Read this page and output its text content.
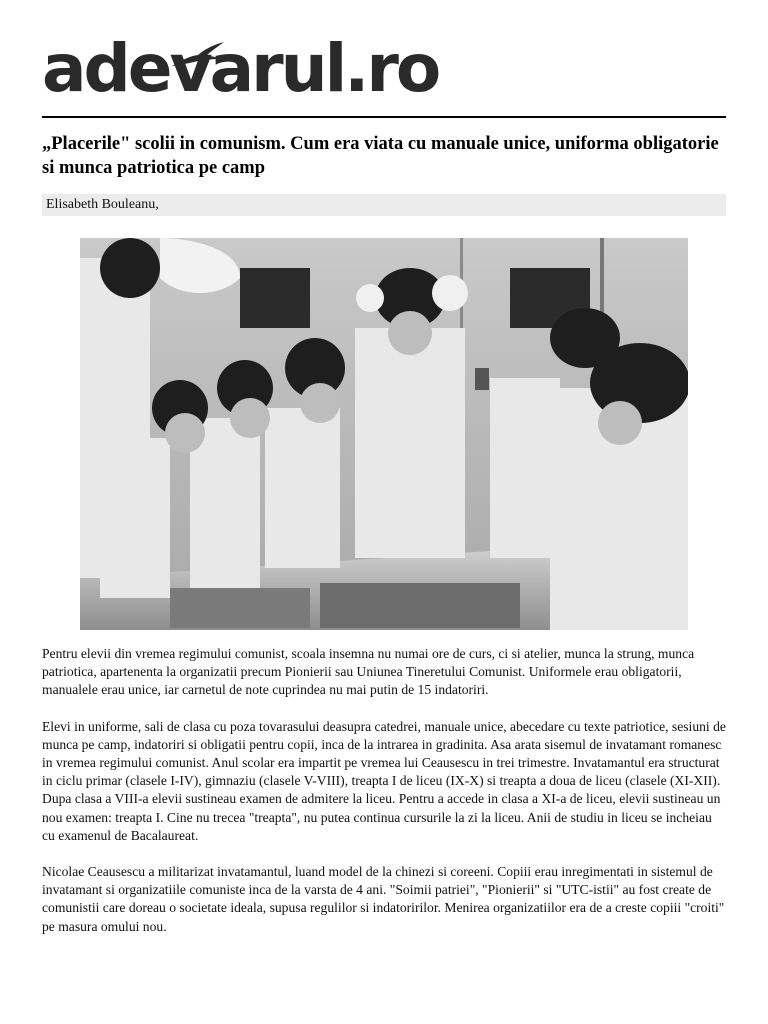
adevarul.ro
„Placerile" scolii in comunism. Cum era viata cu manuale unice, uniforma obligatorie si munca patriotica pe camp
Elisabeth Bouleanu,

Pentru elevii din vremea regimului comunist, scoala insemna nu numai ore de curs, ci si atelier, munca la strung, munca patriotica, apartenenta la organizatii precum Pionierii sau Uniunea Tineretului Comunist. Uniformele erau obligatorii, manualele erau unice, iar carnetul de note cuprindea nu mai putin de 15 indatoriri.

Elevi in uniforme, sali de clasa cu poza tovarasului deasupra catedrei, manuale unice, abecedare cu texte patriotice, sesiuni de munca pe camp, indatoriri si obligatii pentru copii, inca de la intrarea in gradinita. Asa arata sisemul de invatamant romanesc in vremea regimului comunist. Anul scolar era impartit pe vremea lui Ceausescu in trei trimestre. Invatamantul era structurat in ciclu primar (clasele I-IV), gimnaziu (clasele V-VIII), treapta I de liceu (IX-X) si treapta a doua de liceu (clasele (XI-XII). Dupa clasa a VIII-a elevii sustineau examen de admitere la liceu. Pentru a accede in clasa a XI-a de liceu, elevii sustineau un nou examen: treapta I. Cine nu trecea "treapta", nu putea continua cursurile la zi la liceu. Anii de studiu in liceu se incheiau cu examenul de Bacalaureat.

Nicolae Ceausescu a militarizat invatamantul, luand model de la chinezi si coreeni. Copiii erau inregimentati in sistemul de invatamant si organizatiile comuniste inca de la varsta de 4 ani. "Soimii patriei", "Pionierii" si "UTC-istii" au fost create de comunistii care doreau o societate ideala, supusa regulilor si indatoririlor. Menirea organizatiilor era de a creste copiii "croiti" pe masura omului nou.
